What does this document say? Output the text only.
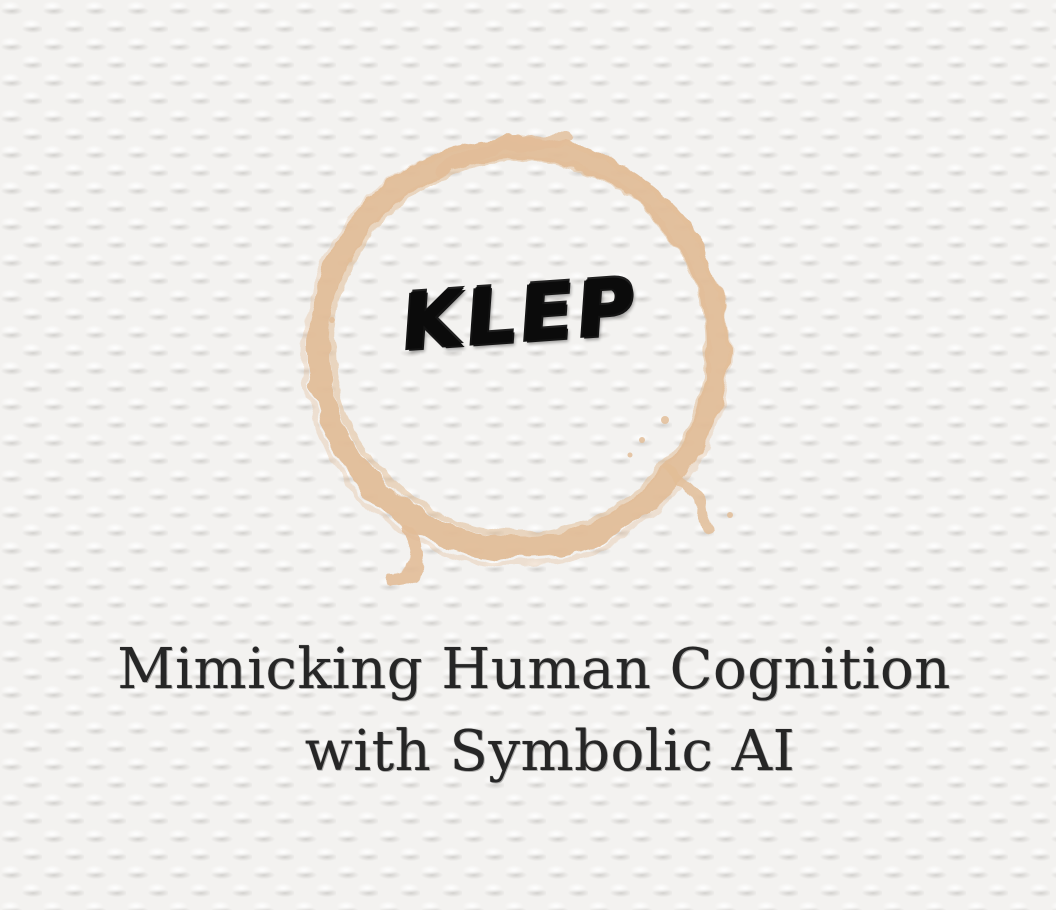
KLEP
Mimicking Human Cognition
with Symbolic AI
